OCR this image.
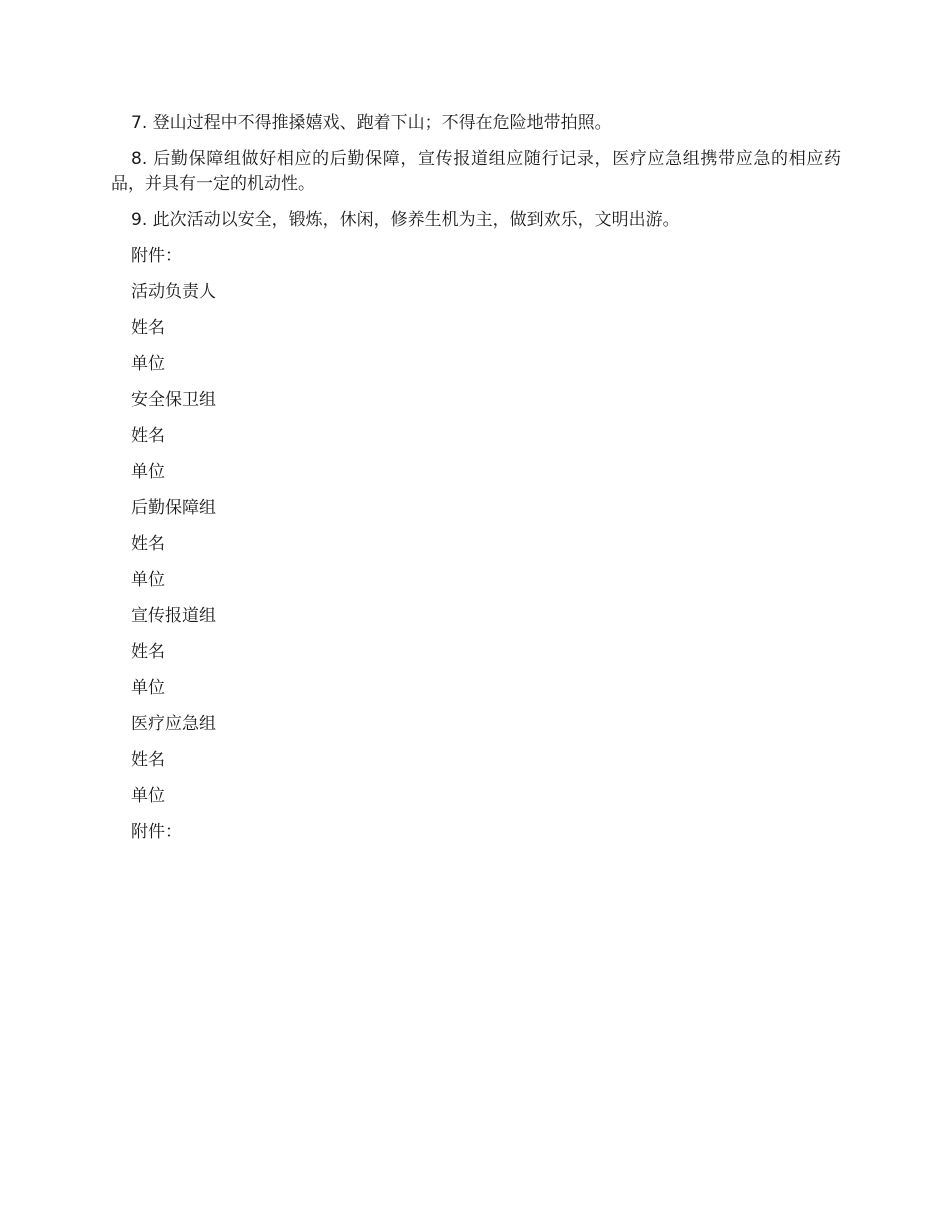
7. 登山过程中不得推搡嬉戏、跑着下山；不得在危险地带拍照。

8. 后勤保障组做好相应的后勤保障，宣传报道组应随行记录，医疗应急组携带应急的相应药品，并具有一定的机动性。

9. 此次活动以安全，锻炼，休闲，修养生机为主，做到欢乐，文明出游。

附件：

活动负责人

姓名

单位

安全保卫组

姓名

单位

后勤保障组

姓名

单位

宣传报道组

姓名

单位

医疗应急组

姓名

单位

附件：
